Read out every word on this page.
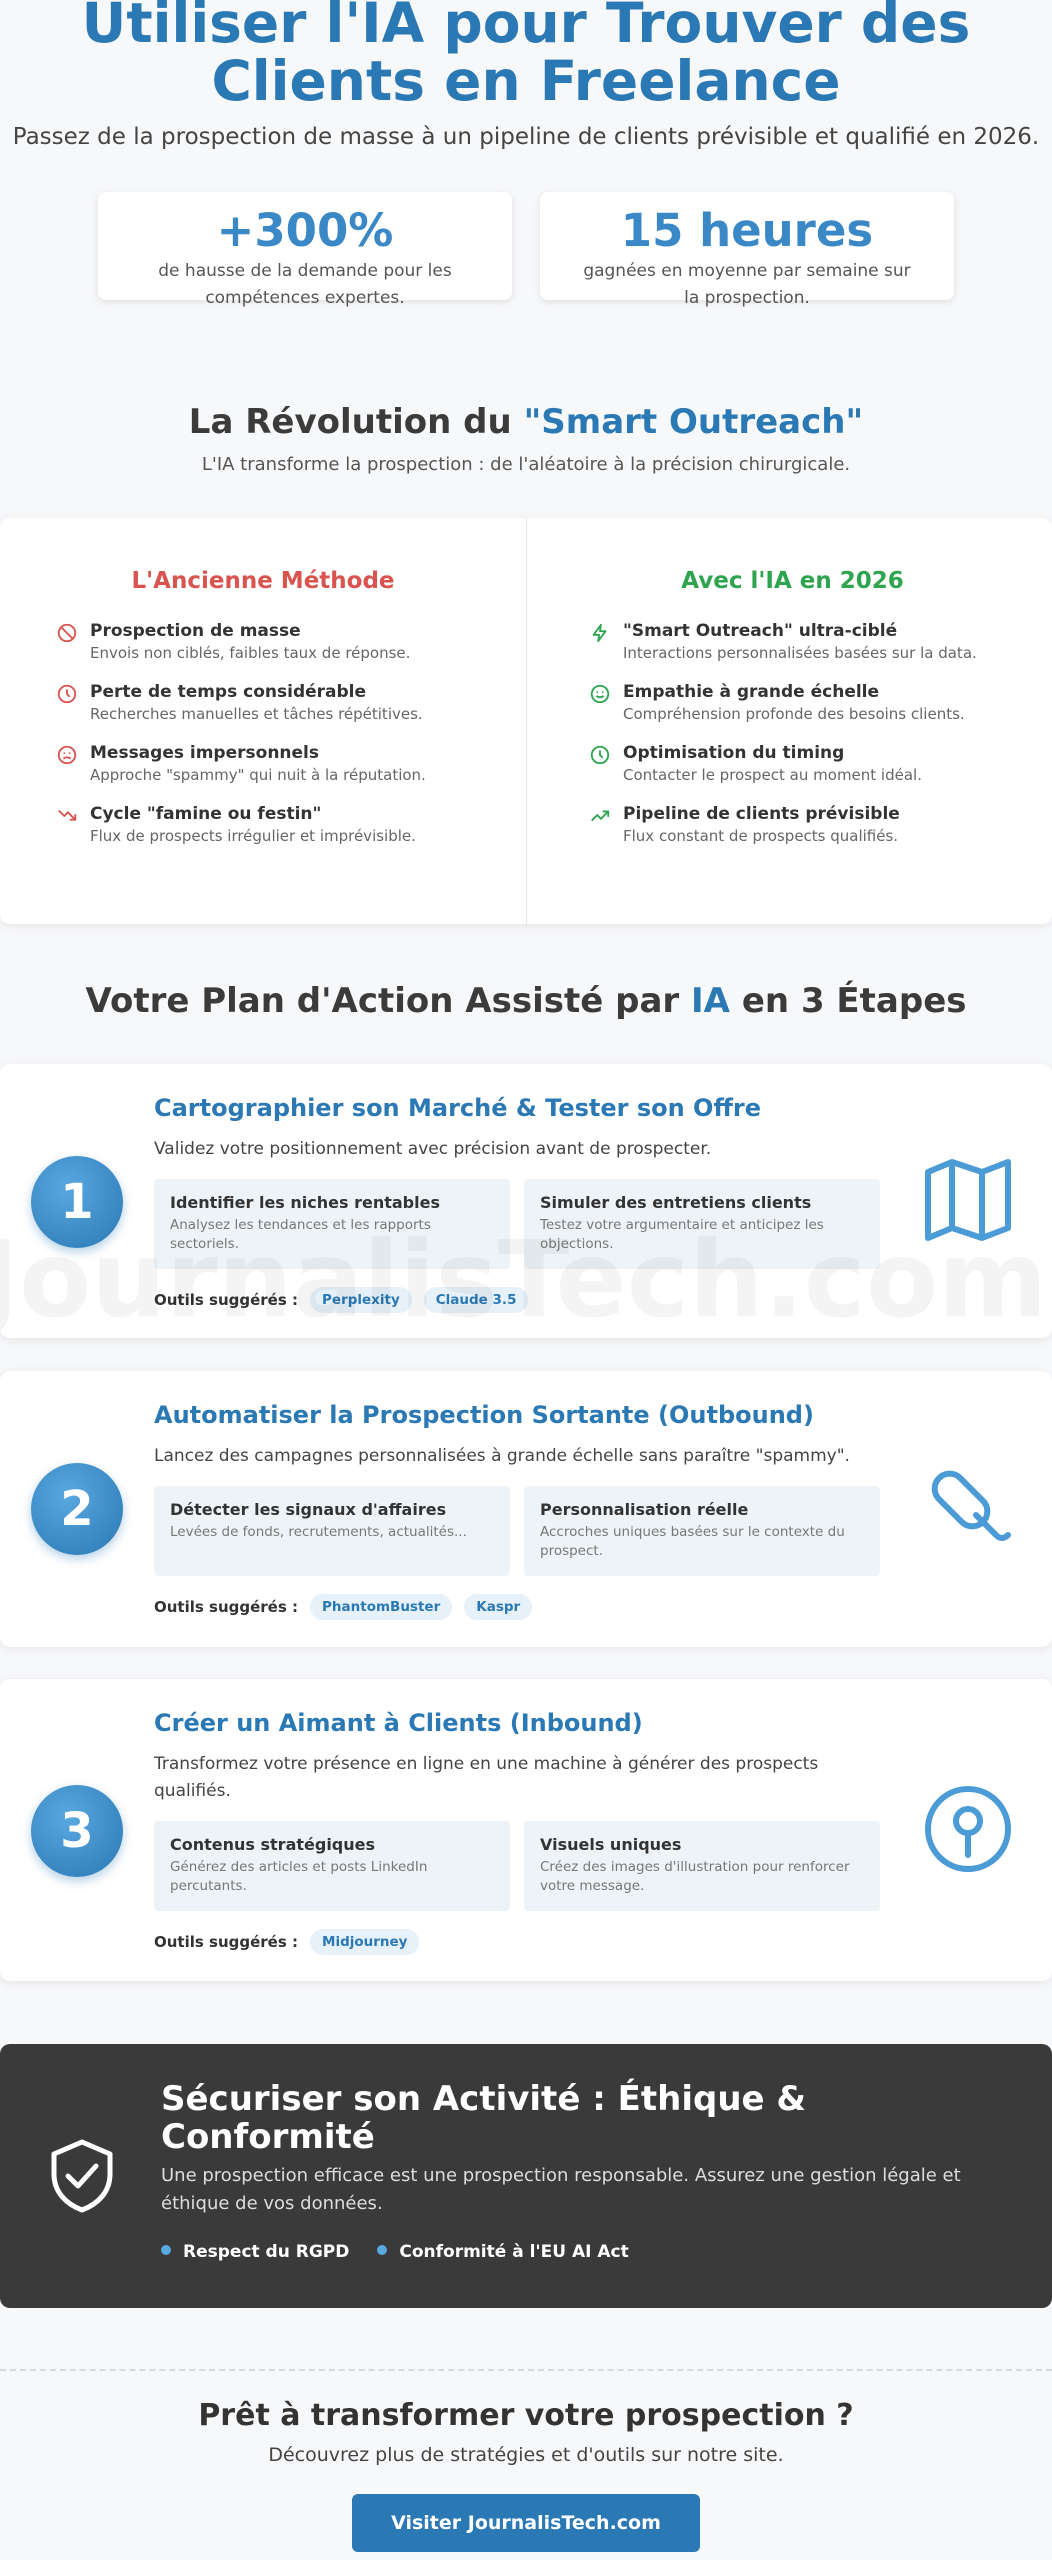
Utiliser l'IA pour Trouver des Clients en Freelance
Passez de la prospection de masse à un pipeline de clients prévisible et qualifié en 2026.
+300%
de hausse de la demande pour les compétences expertes.
15 heures
gagnées en moyenne par semaine sur la prospection.
La Révolution du "Smart Outreach"
L'IA transforme la prospection : de l'aléatoire à la précision chirurgicale.
L'Ancienne Méthode
Prospection de masse
Envois non ciblés, faibles taux de réponse.
Perte de temps considérable
Recherches manuelles et tâches répétitives.
Messages impersonnels
Approche "spammy" qui nuit à la réputation.
Cycle "famine ou festin"
Flux de prospects irrégulier et imprévisible.
Avec l'IA en 2026
"Smart Outreach" ultra-ciblé
Interactions personnalisées basées sur la data.
Empathie à grande échelle
Compréhension profonde des besoins clients.
Optimisation du timing
Contacter le prospect au moment idéal.
Pipeline de clients prévisible
Flux constant de prospects qualifiés.
Votre Plan d'Action Assisté par IA en 3 Étapes
1
Cartographier son Marché & Tester son Offre
Validez votre positionnement avec précision avant de prospecter.
Identifier les niches rentables
Analysez les tendances et les rapports sectoriels.
Simuler des entretiens clients
Testez votre argumentaire et anticipez les objections.
Outils suggérés :	Perplexity	Claude 3.5
2
Automatiser la Prospection Sortante (Outbound)
Lancez des campagnes personnalisées à grande échelle sans paraître "spammy".
Détecter les signaux d'affaires
Levées de fonds, recrutements, actualités...
Personnalisation réelle
Accroches uniques basées sur le contexte du prospect.
Outils suggérés :	PhantomBuster	Kaspr
3
Créer un Aimant à Clients (Inbound)
Transformez votre présence en ligne en une machine à générer des prospects qualifiés.
Contenus stratégiques
Générez des articles et posts LinkedIn percutants.
Visuels uniques
Créez des images d'illustration pour renforcer votre message.
Outils suggérés :	Midjourney
Sécuriser son Activité : Éthique & Conformité

Une prospection efficace est une prospection responsable. Assurez une gestion légale et éthique de vos données.

Respect du RGPD	Conformité à l'EU AI Act
Prêt à transformer votre prospection ?
Découvrez plus de stratégies et d'outils sur notre site.
Visiter JournalisTech.com
